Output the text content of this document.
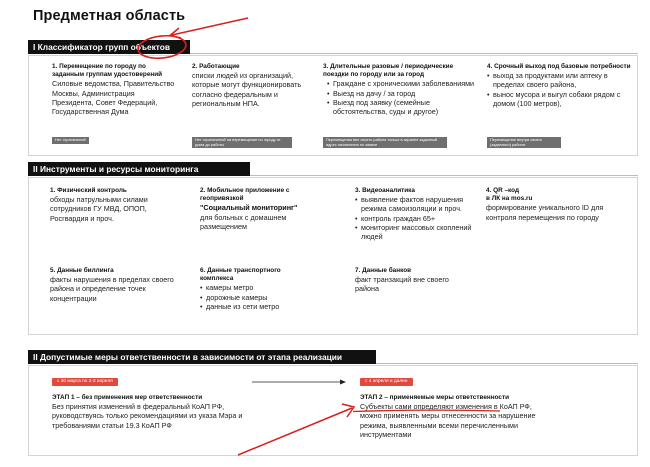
Предметная область
I Классификатор групп объектов
1. Перемещение по городу по заданным группам удостоверений
Силовые ведомства, Правительство Москвы, Администрация Президента, Совет Федераций, Государственная Дума
Нет ограничений
2. Работающие
списки людей из организаций, которые могут функционировать согласно федеральным и региональным НПА.
Нет ограничений на перемещение по городу от дома до работы
3. Длительные разовые / периодические поездки по городу или за город
• Граждане с хроническими заболеваниями
• Выезд на дачу / за город
• Выезд под заявку (семейные обстоятельства, суды и другое)
Перемещения вне своего района только в заранее заданный адрес назначения по заявке
4. Срочный выход под базовые потребности
• выход за продуктами или аптеку в пределах своего района,
• вынос мусора и выгул собаки рядом с домом (100 метров),
Перемещение внутри своего (заданного) района
II Инструменты и ресурсы мониторинга
1. Физический контроль
обходы патрульными силами сотрудников ГУ МВД, ОПОП, Росгвардия и проч.
2. Мобильное приложение с геопривязкой
"Социальный мониторинг"
для больных с домашнем размещением
3. Видеоаналитика
• выявление фактов нарушения режима самоизоляции и проч.
• контроль граждан 65+
• мониторинг массовых скоплений людей
4. QR –код
в ЛК на mos.ru
формирование уникального ID для контроля перемещения по городу
5. Данные биллинга
факты нарушения в пределах своего района и определение точек концентрации
6. Данные транспортного комплекса
• камеры метро
• дорожные камеры
• данные из сети метро
7. Данные банков
факт транзакций вне своего района
II Допустимые меры ответственности в зависимости от этапа реализации
с 30 марта по 2-3 апреля
ЭТАП 1 – без применения мер ответственности
Без принятия изменений в федеральный КоАП РФ, руководствуясь только рекомендациями из указа Мэра и требованиями статьи 19.3 КоАП РФ
с 4 апреля и далее
ЭТАП 2 – применяемые меры ответственности
Субъекты сами определяют изменения в КоАП РФ, можно применять меры отнесенности за нарушение режима, выявленными всеми перечисленными инструментами
